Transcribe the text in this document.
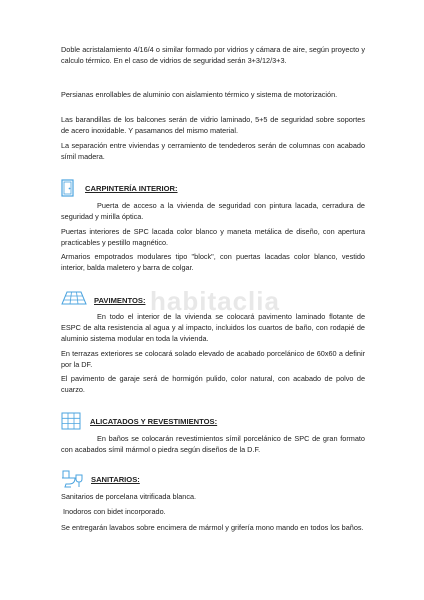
habitaclia

Doble acristalamiento 4/16/4 o similar formado por vidrios y cámara de aire, según proyecto y calculo térmico. En el caso de vidrios de seguridad serán 3+3/12/3+3.

Persianas enrollables de aluminio con aislamiento térmico y sistema de motorización.

Las barandillas de los balcones serán de vidrio laminado, 5+5 de seguridad sobre soportes de acero inoxidable. Y pasamanos del mismo material.

La separación entre viviendas y cerramiento de tendederos serán de columnas con acabado símil madera.

CARPINTERÍA INTERIOR:

Puerta de acceso a la vivienda de seguridad con pintura lacada, cerradura de seguridad y mirilla óptica.

Puertas interiores de SPC lacada color blanco y maneta metálica de diseño, con apertura practicables y pestillo magnético.

Armarios empotrados modulares tipo "block", con puertas lacadas color blanco, vestido interior, balda maletero y barra de colgar.

PAVIMENTOS:

En todo el interior de la vivienda se colocará pavimento laminado flotante de ESPC de alta resistencia al agua y al impacto, incluidos los cuartos de baño, con rodapié de aluminio sistema modular en toda la vivienda.

En terrazas exteriores se colocará solado elevado de acabado porcelánico de 60x60 a definir por la DF.

El pavimento de garaje será de hormigón pulido, color natural, con acabado de polvo de cuarzo.

ALICATADOS Y REVESTIMIENTOS:

En baños se colocarán revestimientos símil porcelánico de SPC de gran formato con acabados símil mármol o piedra según diseños de la D.F.

SANITARIOS:

Sanitarios de porcelana vitrificada blanca.

Inodoros con bidet incorporado.

Se entregarán lavabos sobre encimera de mármol y grifería mono mando en todos los baños.
